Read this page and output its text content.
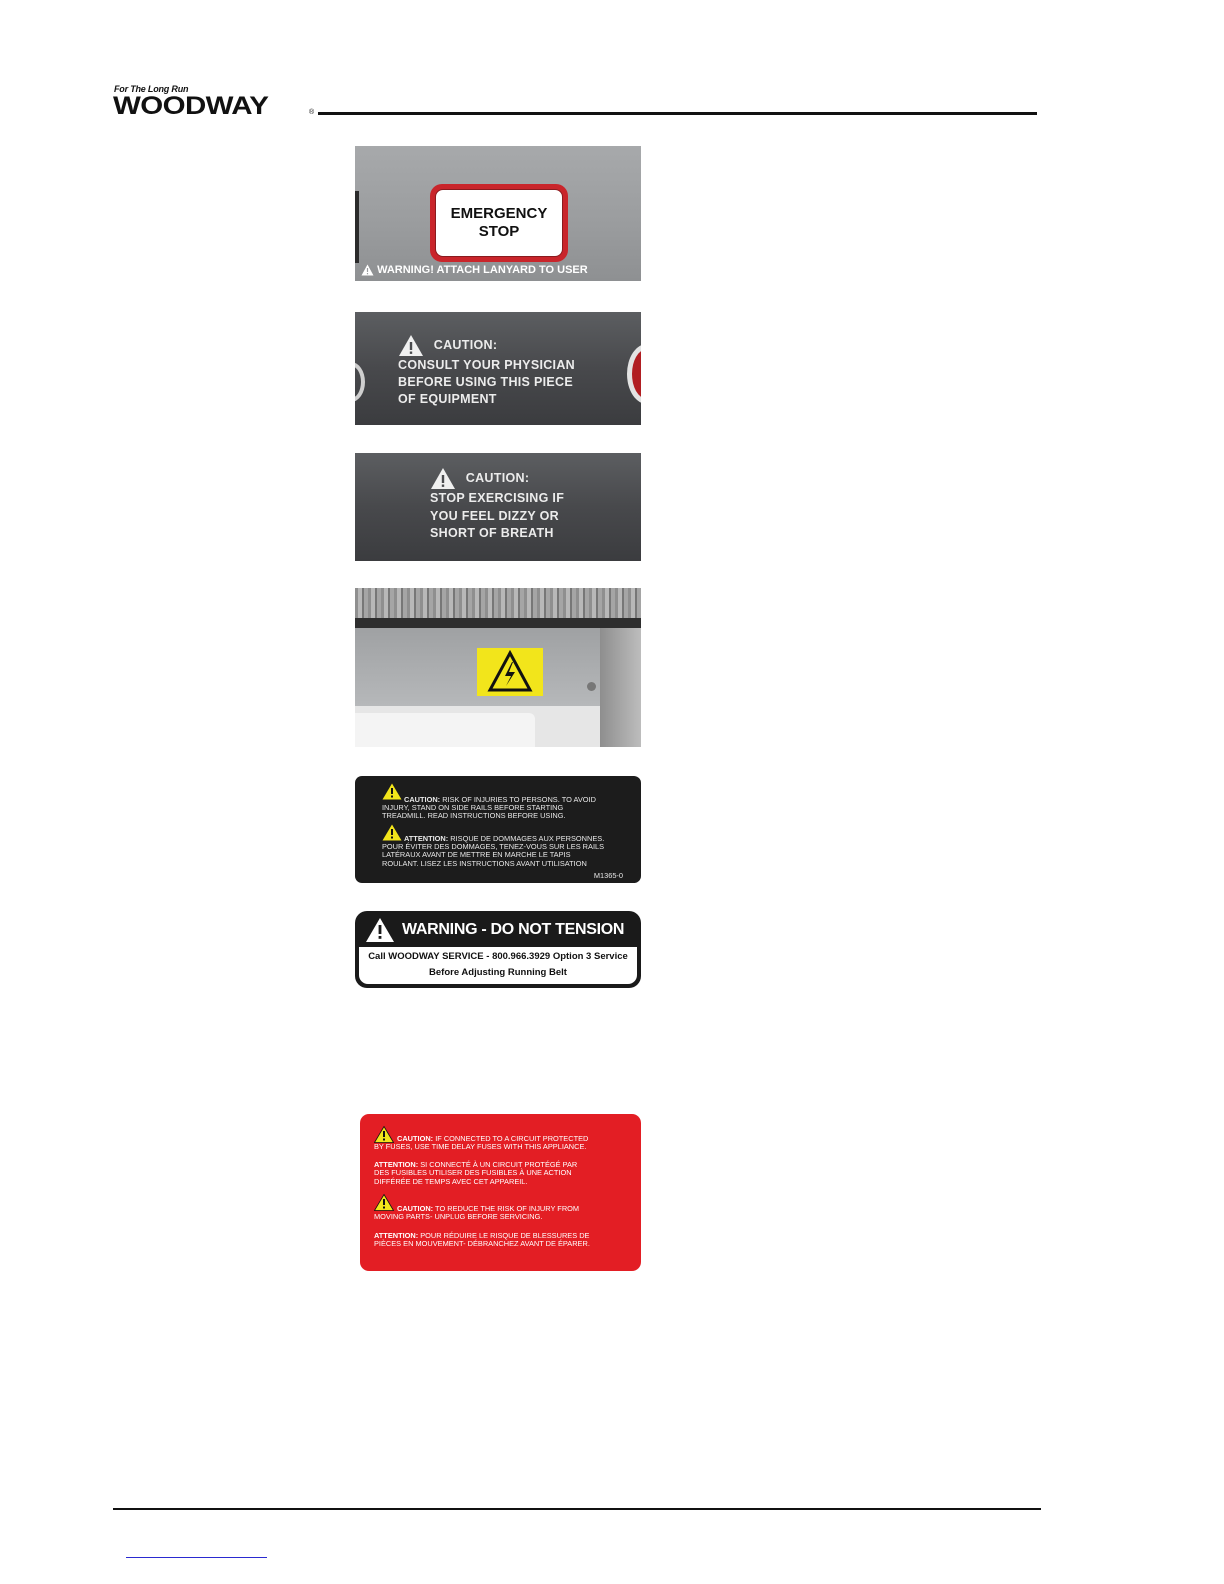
For The Long Run
WOODWAY	®
EMERGENCY
STOP
WARNING! ATTACH LANYARD TO USER
CAUTION:
CONSULT YOUR PHYSICIAN
BEFORE USING THIS PIECE
OF EQUIPMENT
CAUTION:
STOP EXERCISING IF
YOU FEEL DIZZY OR
SHORT OF BREATH
CAUTION: RISK OF INJURIES TO PERSONS. TO AVOID
INJURY, STAND ON SIDE RAILS BEFORE STARTING
TREADMILL. READ INSTRUCTIONS BEFORE USING.
ATTENTION: RISQUE DE DOMMAGES AUX PERSONNES.
POUR ÉVITER DES DOMMAGES, TENEZ-VOUS SUR LES RAILS
LATÉRAUX AVANT DE METTRE EN MARCHE LE TAPIS
ROULANT. LISEZ LES INSTRUCTIONS AVANT UTILISATION
M1365-0
WARNING - DO NOT TENSION
Call WOODWAY SERVICE - 800.966.3929 Option 3 Service
Before Adjusting Running Belt
CAUTION: IF CONNECTED TO A CIRCUIT PROTECTED
BY FUSES, USE TIME DELAY FUSES WITH THIS APPLIANCE.
ATTENTION: SI CONNECTÉ À UN CIRCUIT PROTÉGÉ PAR
DES FUSIBLES UTILISER DES FUSIBLES À UNE ACTION
DIFFÉRÉE DE TEMPS AVEC CET APPAREIL.
CAUTION: TO REDUCE THE RISK OF INJURY FROM
MOVING PARTS- UNPLUG BEFORE SERVICING.
ATTENTION: POUR RÉDUIRE LE RISQUE DE BLESSURES DE
PIÈCES EN MOUVEMENT- DÉBRANCHEZ AVANT DE ÉPARER.
